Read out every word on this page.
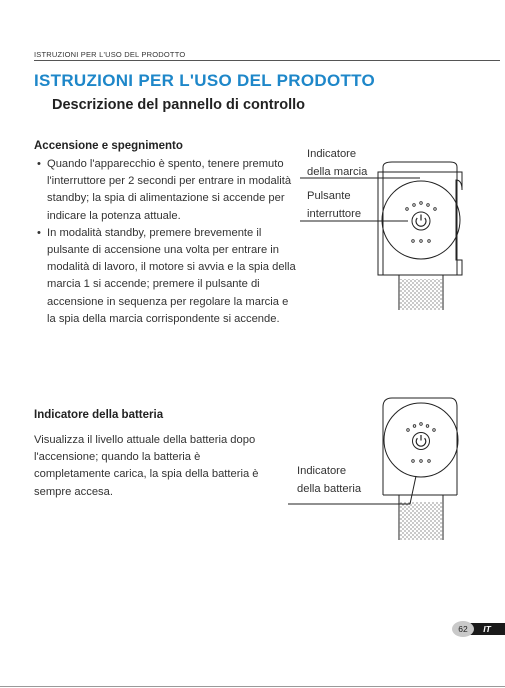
ISTRUZIONI PER L'USO DEL PRODOTTO
ISTRUZIONI PER L'USO DEL PRODOTTO
Descrizione del pannello di controllo
Accensione e spegnimento
• Quando l'apparecchio è spento, tenere premuto l'interruttore per 2 secondi per entrare in modalità standby; la spia di alimentazione si accende per indicare la potenza attuale.
• In modalità standby, premere brevemente il pulsante di accensione una volta per entrare in modalità di lavoro, il motore si avvia e la spia della marcia 1 si accende; premere il pulsante di accensione in sequenza per regolare la marcia e la spia della marcia corrispondente si accende.
Indicatore
della marcia
Pulsante
interruttore
Indicatore della batteria
Visualizza il livello attuale della batteria dopo l'accensione; quando la batteria è completamente carica, la spia della batteria è sempre accesa.
Indicatore
della batteria
IT
62
